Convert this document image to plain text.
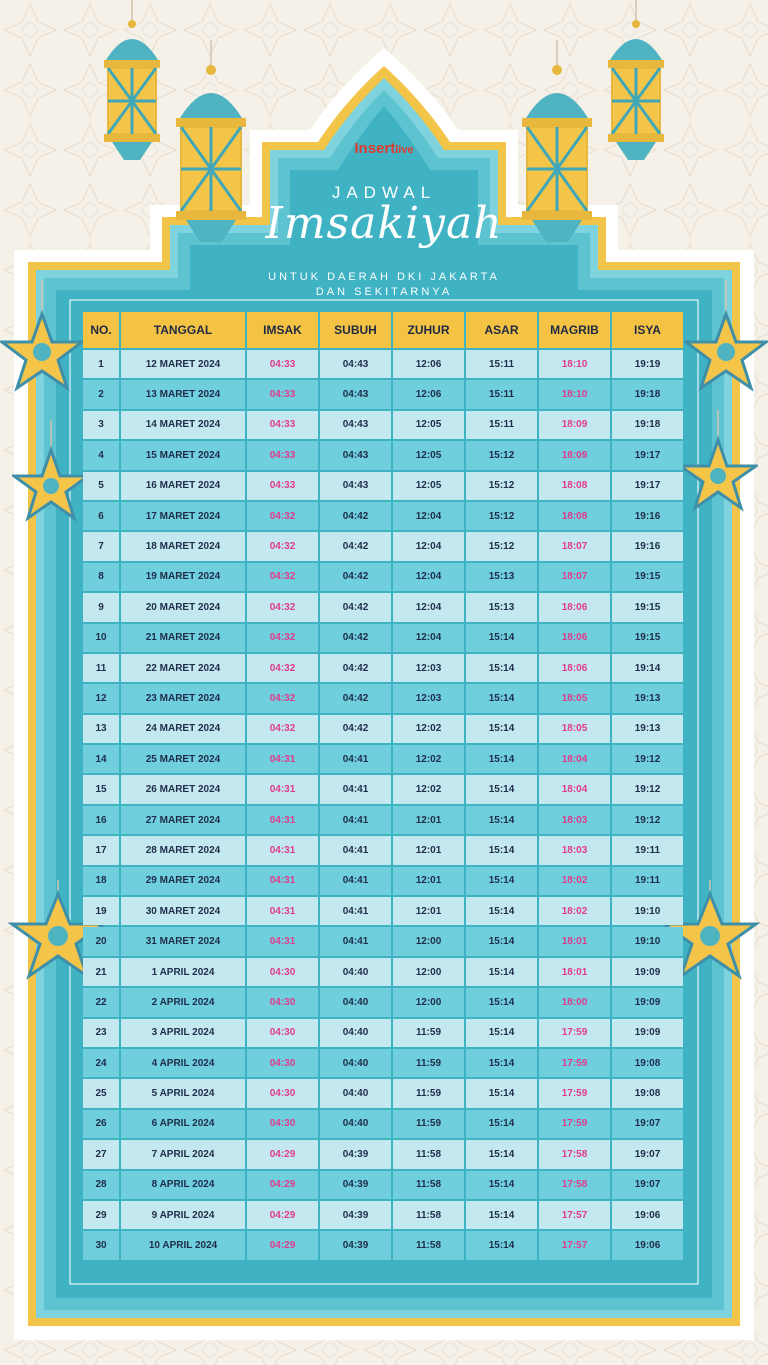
Insertlive
JADWAL
Imsakiyah
UNTUK DAERAH DKI JAKARTA
DAN SEKITARNYA
NO.	TANGGAL	IMSAK	SUBUH	ZUHUR	ASAR	MAGRIB	ISYA
1	12 MARET 2024	04:33	04:43	12:06	15:11	18:10	19:19
2	13 MARET 2024	04:33	04:43	12:06	15:11	18:10	19:18
3	14 MARET 2024	04:33	04:43	12:05	15:11	18:09	19:18
4	15 MARET 2024	04:33	04:43	12:05	15:12	18:09	19:17
5	16 MARET 2024	04:33	04:43	12:05	15:12	18:08	19:17
6	17 MARET 2024	04:32	04:42	12:04	15:12	18:08	19:16
7	18 MARET 2024	04:32	04:42	12:04	15:12	18:07	19:16
8	19 MARET 2024	04:32	04:42	12:04	15:13	18:07	19:15
9	20 MARET 2024	04:32	04:42	12:04	15:13	18:06	19:15
10	21 MARET 2024	04:32	04:42	12:04	15:14	18:06	19:15
11	22 MARET 2024	04:32	04:42	12:03	15:14	18:06	19:14
12	23 MARET 2024	04:32	04:42	12:03	15:14	18:05	19:13
13	24 MARET 2024	04:32	04:42	12:02	15:14	18:05	19:13
14	25 MARET 2024	04:31	04:41	12:02	15:14	18:04	19:12
15	26 MARET 2024	04:31	04:41	12:02	15:14	18:04	19:12
16	27 MARET 2024	04:31	04:41	12:01	15:14	18:03	19:12
17	28 MARET 2024	04:31	04:41	12:01	15:14	18:03	19:11
18	29 MARET 2024	04:31	04:41	12:01	15:14	18:02	19:11
19	30 MARET 2024	04:31	04:41	12:01	15:14	18:02	19:10
20	31 MARET 2024	04:31	04:41	12:00	15:14	18:01	19:10
21	1 APRIL 2024	04:30	04:40	12:00	15:14	18:01	19:09
22	2 APRIL 2024	04:30	04:40	12:00	15:14	18:00	19:09
23	3 APRIL 2024	04:30	04:40	11:59	15:14	17:59	19:09
24	4 APRIL 2024	04:30	04:40	11:59	15:14	17:59	19:08
25	5 APRIL 2024	04:30	04:40	11:59	15:14	17:59	19:08
26	6 APRIL 2024	04:30	04:40	11:59	15:14	17:59	19:07
27	7 APRIL 2024	04:29	04:39	11:58	15:14	17:58	19:07
28	8 APRIL 2024	04:29	04:39	11:58	15:14	17:58	19:07
29	9 APRIL 2024	04:29	04:39	11:58	15:14	17:57	19:06
30	10 APRIL 2024	04:29	04:39	11:58	15:14	17:57	19:06
